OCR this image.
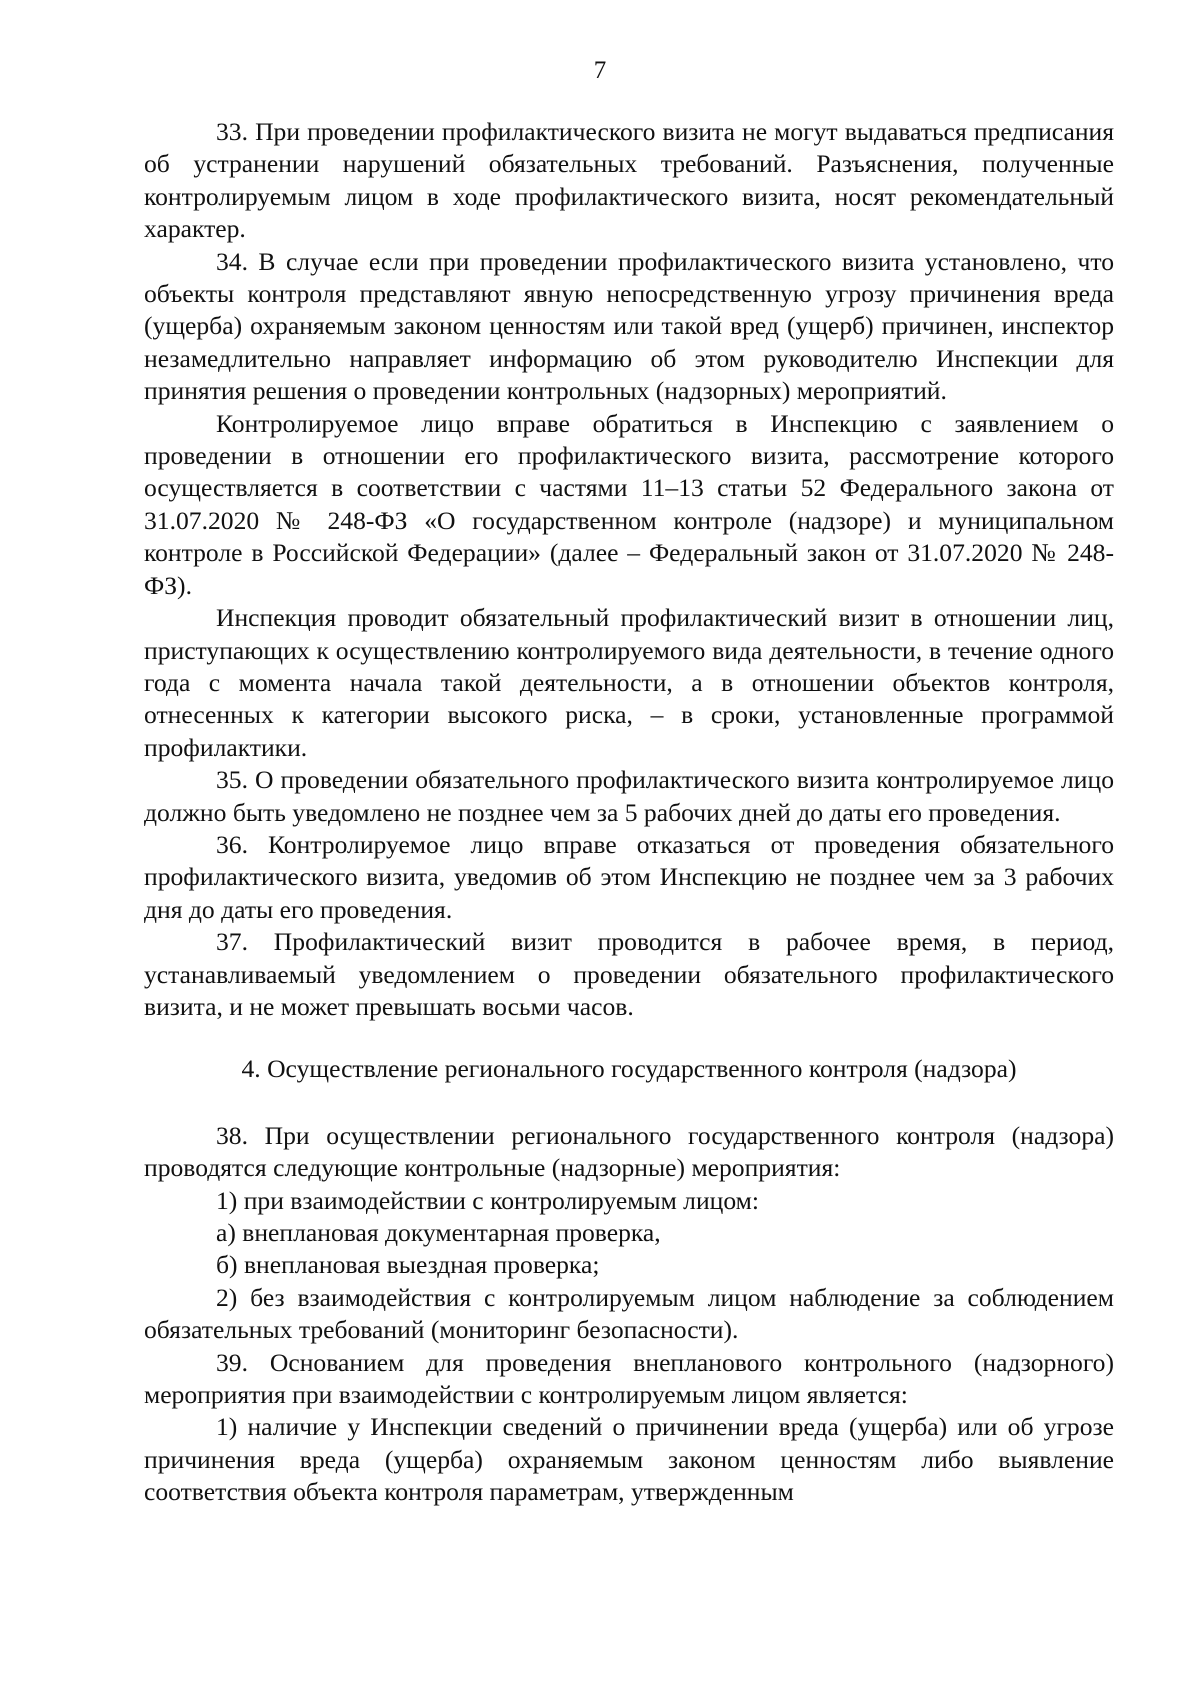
7

33. При проведении профилактического визита не могут выдаваться предписания об устранении нарушений обязательных требований. Разъяснения, полученные контролируемым лицом в ходе профилактического визита, носят рекомендательный характер.

34. В случае если при проведении профилактического визита установлено, что объекты контроля представляют явную непосредственную угрозу причинения вреда (ущерба) охраняемым законом ценностям или такой вред (ущерб) причинен, инспектор незамедлительно направляет информацию об этом руководителю Инспекции для принятия решения о проведении контрольных (надзорных) мероприятий.

Контролируемое лицо вправе обратиться в Инспекцию с заявлением о проведении в отношении его профилактического визита, рассмотрение которого осуществляется в соответствии с частями 11–13 статьи 52 Федерального закона от 31.07.2020 № 248-ФЗ «О государственном контроле (надзоре) и муниципальном контроле в Российской Федерации» (далее – Федеральный закон от 31.07.2020 № 248-ФЗ).

Инспекция проводит обязательный профилактический визит в отношении лиц, приступающих к осуществлению контролируемого вида деятельности, в течение одного года с момента начала такой деятельности, а в отношении объектов контроля, отнесенных к категории высокого риска, – в сроки, установленные программой профилактики.

35. О проведении обязательного профилактического визита контролируемое лицо должно быть уведомлено не позднее чем за 5 рабочих дней до даты его проведения.

36. Контролируемое лицо вправе отказаться от проведения обязательного профилактического визита, уведомив об этом Инспекцию не позднее чем за 3 рабочих дня до даты его проведения.

37. Профилактический визит проводится в рабочее время, в период, устанавливаемый уведомлением о проведении обязательного профилактического визита, и не может превышать восьми часов.

4. Осуществление регионального государственного контроля (надзора)

38. При осуществлении регионального государственного контроля (надзора) проводятся следующие контрольные (надзорные) мероприятия:

1) при взаимодействии с контролируемым лицом:

а) внеплановая документарная проверка,

б) внеплановая выездная проверка;

2) без взаимодействия с контролируемым лицом наблюдение за соблюдением обязательных требований (мониторинг безопасности).

39. Основанием для проведения внепланового контрольного (надзорного) мероприятия при взаимодействии с контролируемым лицом является:

1) наличие у Инспекции сведений о причинении вреда (ущерба) или об угрозе причинения вреда (ущерба) охраняемым законом ценностям либо выявление соответствия объекта контроля параметрам, утвержденным
